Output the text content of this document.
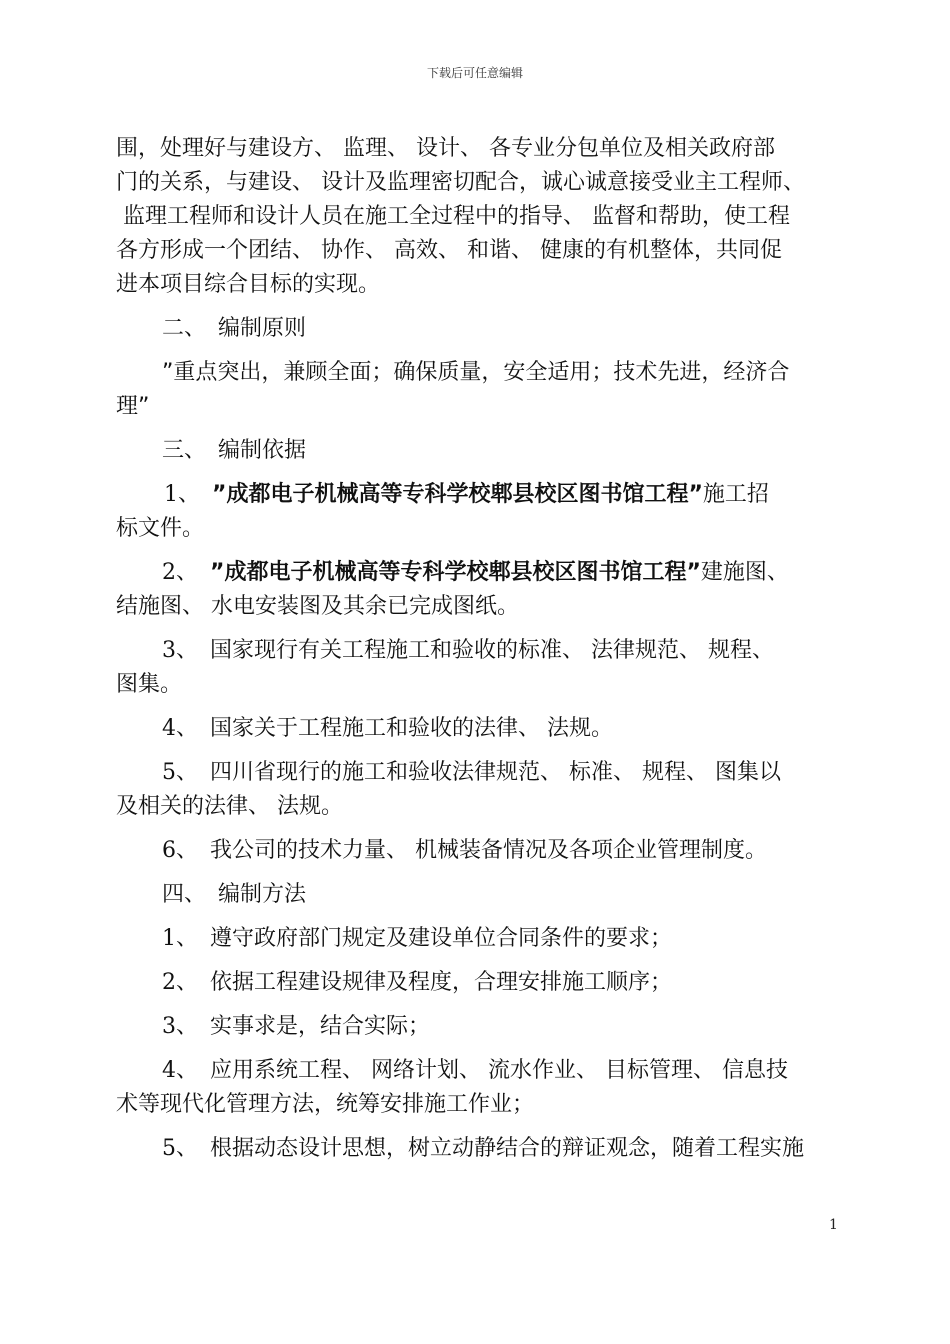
下载后可任意编辑

围，处理好与建设方、 监理、 设计、 各专业分包单位及相关政府部

门的关系，与建设、 设计及监理密切配合，诚心诚意接受业主工程师、

监理工程师和设计人员在施工全过程中的指导、 监督和帮助，使工程

各方形成一个团结、 协作、 高效、 和谐、 健康的有机整体，共同促

进本项目综合目标的实现。

二、 编制原则

”重点突出，兼顾全面；确保质量，安全适用；技术先进，经济合

理”

三、 编制依据

1、 ”成都电子机械高等专科学校郫县校区图书馆工程”施工招

标文件。

2、 ”成都电子机械高等专科学校郫县校区图书馆工程”建施图、

结施图、 水电安装图及其余已完成图纸。

3、 国家现行有关工程施工和验收的标准、 法律规范、 规程、

图集。

4、 国家关于工程施工和验收的法律、 法规。

5、 四川省现行的施工和验收法律规范、 标准、 规程、 图集以

及相关的法律、 法规。

6、 我公司的技术力量、 机械装备情况及各项企业管理制度。

四、 编制方法

1、 遵守政府部门规定及建设单位合同条件的要求；

2、 依据工程建设规律及程度，合理安排施工顺序；

3、 实事求是，结合实际；

4、 应用系统工程、 网络计划、 流水作业、 目标管理、 信息技

术等现代化管理方法，统筹安排施工作业；

5、 根据动态设计思想，树立动静结合的辩证观念，随着工程实施

1
